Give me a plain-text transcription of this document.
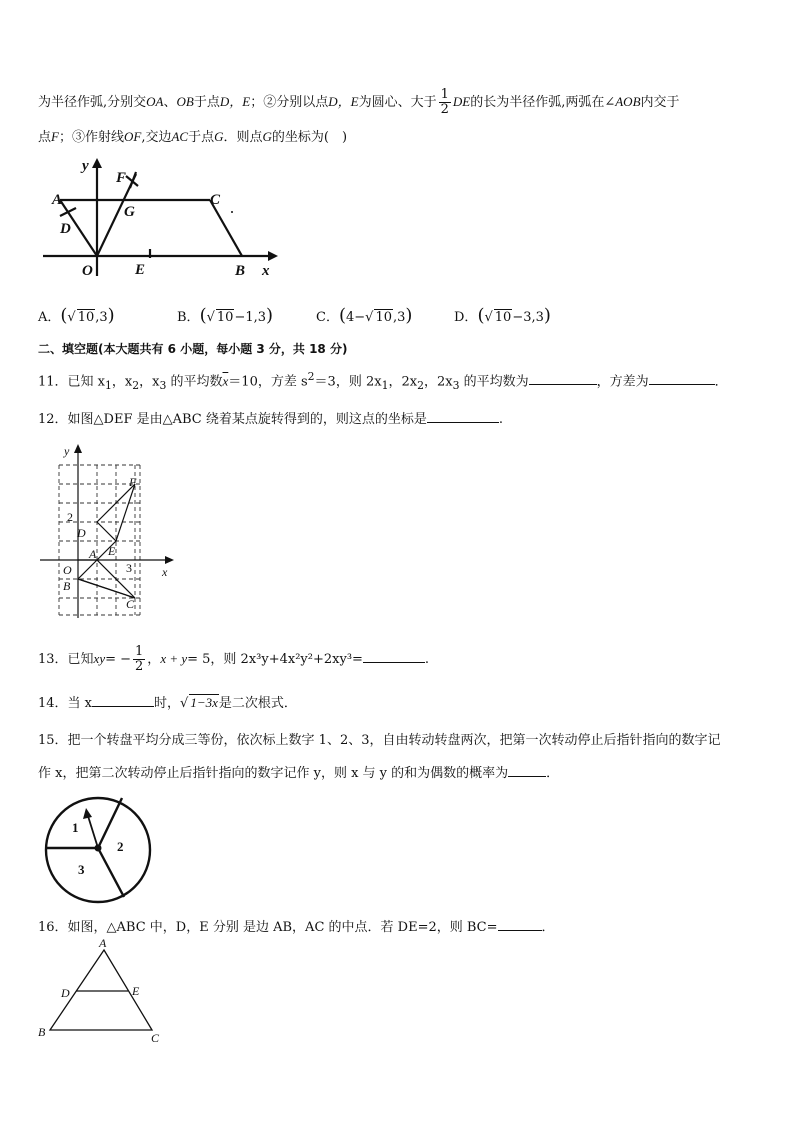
为半径作弧,分别交OA、OB于点D，E；②分别以点D，E为圆心、大于 $\frac{1}{2}$ DE的长为半径作弧,两弧在∠AOB内交于
点F；③作射线OF,交边AC于点G．则点G的坐标为(　)
y
A
D
F
G
C
O	E	B x
A．(√ 10,3)	B．(√ 10−1,3)	C．(4−√ 10,3)	D．(√ 10−3,3)
二、填空题(本大题共有 6 小题，每小题 3 分，共 18 分)
11．已知 $x_1$，$x_2$，$x_3$ 的平均数$\overline{x}=10$，方差 $s^2=3$，则 $2x_1$，$2x_2$，$2x_3$ 的平均数为	，方差为	．
12．如图△DEF 是由△ABC 绕着某点旋转得到的，则这点的坐标是	.
y
x
F
D
E
A
O
B
C
2
3
13．已知$xy= - \frac{1}{2}$ ，x + y= 5，则 2x³y+4x²y²+2xy³=	.
14．当 x	时，√ 1−3x是二次根式．
15．把一个转盘平均分成三等份，依次标上数字 1、2、3，自由转动转盘两次，把第一次转动停止后指针指向的数字记
作 x，把第二次转动停止后指针指向的数字记作 y，则 x 与 y 的和为偶数的概率为	．
1
2
3
16．如图，△ABC 中，D，E 分别 是边 AB，AC 的中点．若 DE=2，则 BC=	．
A
D	E
B	C
